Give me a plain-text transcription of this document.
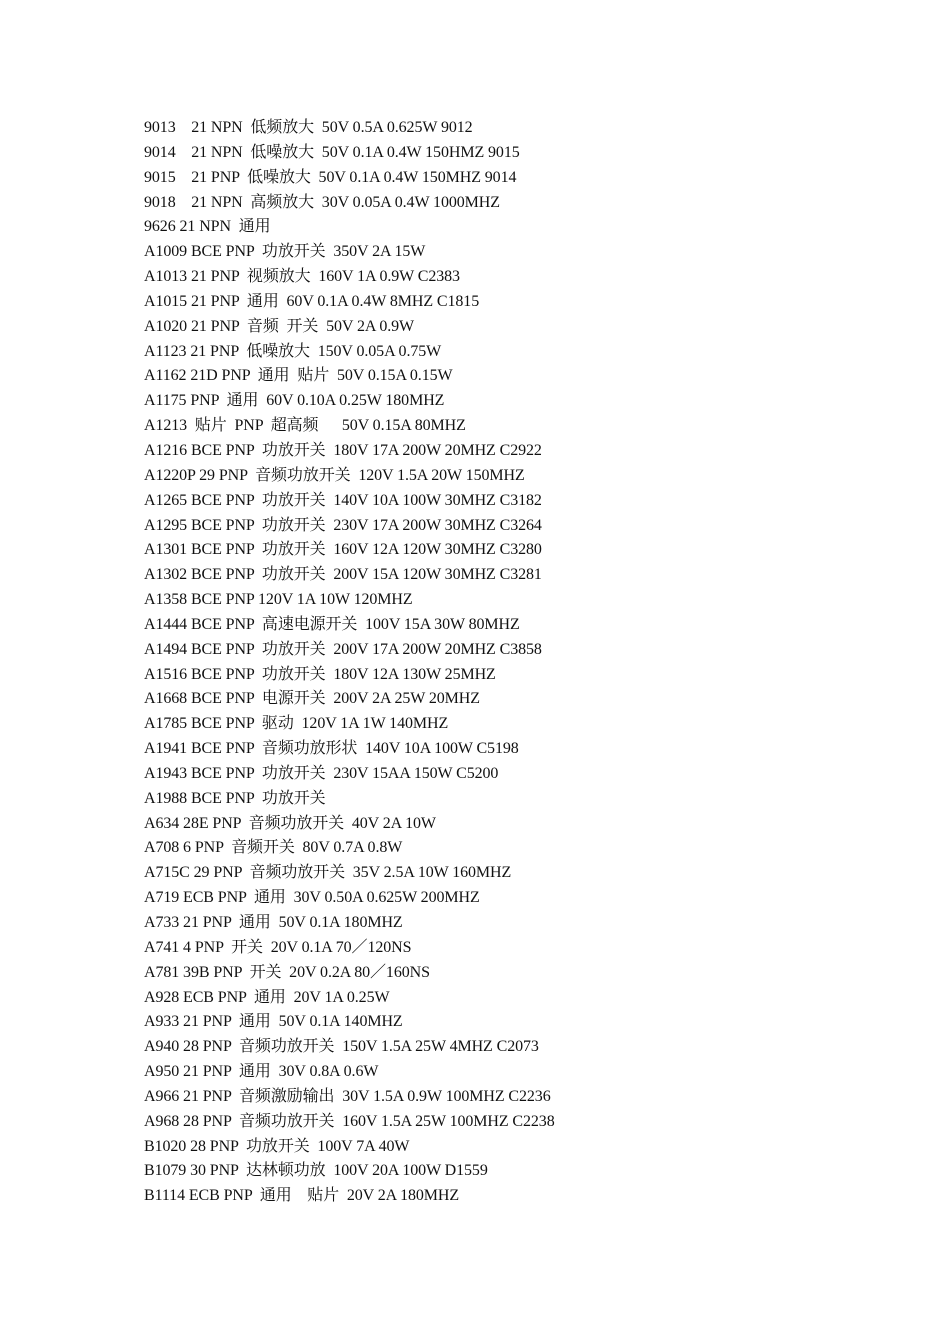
9013    21 NPN  低频放大  50V 0.5A 0.625W 9012
9014    21 NPN  低噪放大  50V 0.1A 0.4W 150HMZ 9015
9015    21 PNP  低噪放大  50V 0.1A 0.4W 150MHZ 9014
9018    21 NPN  高频放大  30V 0.05A 0.4W 1000MHZ
9626 21 NPN  通用
A1009 BCE PNP  功放开关  350V 2A 15W
A1013 21 PNP  视频放大  160V 1A 0.9W C2383
A1015 21 PNP  通用  60V 0.1A 0.4W 8MHZ C1815
A1020 21 PNP  音频  开关  50V 2A 0.9W
A1123 21 PNP  低噪放大  150V 0.05A 0.75W
A1162 21D PNP  通用  贴片  50V 0.15A 0.15W
A1175 PNP  通用  60V 0.10A 0.25W 180MHZ
A1213  贴片  PNP  超高频      50V 0.15A 80MHZ
A1216 BCE PNP  功放开关  180V 17A 200W 20MHZ C2922
A1220P 29 PNP  音频功放开关  120V 1.5A 20W 150MHZ
A1265 BCE PNP  功放开关  140V 10A 100W 30MHZ C3182
A1295 BCE PNP  功放开关  230V 17A 200W 30MHZ C3264
A1301 BCE PNP  功放开关  160V 12A 120W 30MHZ C3280
A1302 BCE PNP  功放开关  200V 15A 120W 30MHZ C3281
A1358 BCE PNP 120V 1A 10W 120MHZ
A1444 BCE PNP  高速电源开关  100V 15A 30W 80MHZ
A1494 BCE PNP  功放开关  200V 17A 200W 20MHZ C3858
A1516 BCE PNP  功放开关  180V 12A 130W 25MHZ
A1668 BCE PNP  电源开关  200V 2A 25W 20MHZ
A1785 BCE PNP  驱动  120V 1A 1W 140MHZ
A1941 BCE PNP  音频功放形状  140V 10A 100W C5198
A1943 BCE PNP  功放开关  230V 15AA 150W C5200
A1988 BCE PNP  功放开关
A634 28E PNP  音频功放开关  40V 2A 10W
A708 6 PNP  音频开关  80V 0.7A 0.8W
A715C 29 PNP  音频功放开关  35V 2.5A 10W 160MHZ
A719 ECB PNP  通用  30V 0.50A 0.625W 200MHZ
A733 21 PNP  通用  50V 0.1A 180MHZ
A741 4 PNP  开关  20V 0.1A 70／120NS
A781 39B PNP  开关  20V 0.2A 80／160NS
A928 ECB PNP  通用  20V 1A 0.25W
A933 21 PNP  通用  50V 0.1A 140MHZ
A940 28 PNP  音频功放开关  150V 1.5A 25W 4MHZ C2073
A950 21 PNP  通用  30V 0.8A 0.6W
A966 21 PNP  音频激励输出  30V 1.5A 0.9W 100MHZ C2236
A968 28 PNP  音频功放开关  160V 1.5A 25W 100MHZ C2238
B1020 28 PNP  功放开关  100V 7A 40W
B1079 30 PNP  达林顿功放  100V 20A 100W D1559
B1114 ECB PNP  通用    贴片  20V 2A 180MHZ
